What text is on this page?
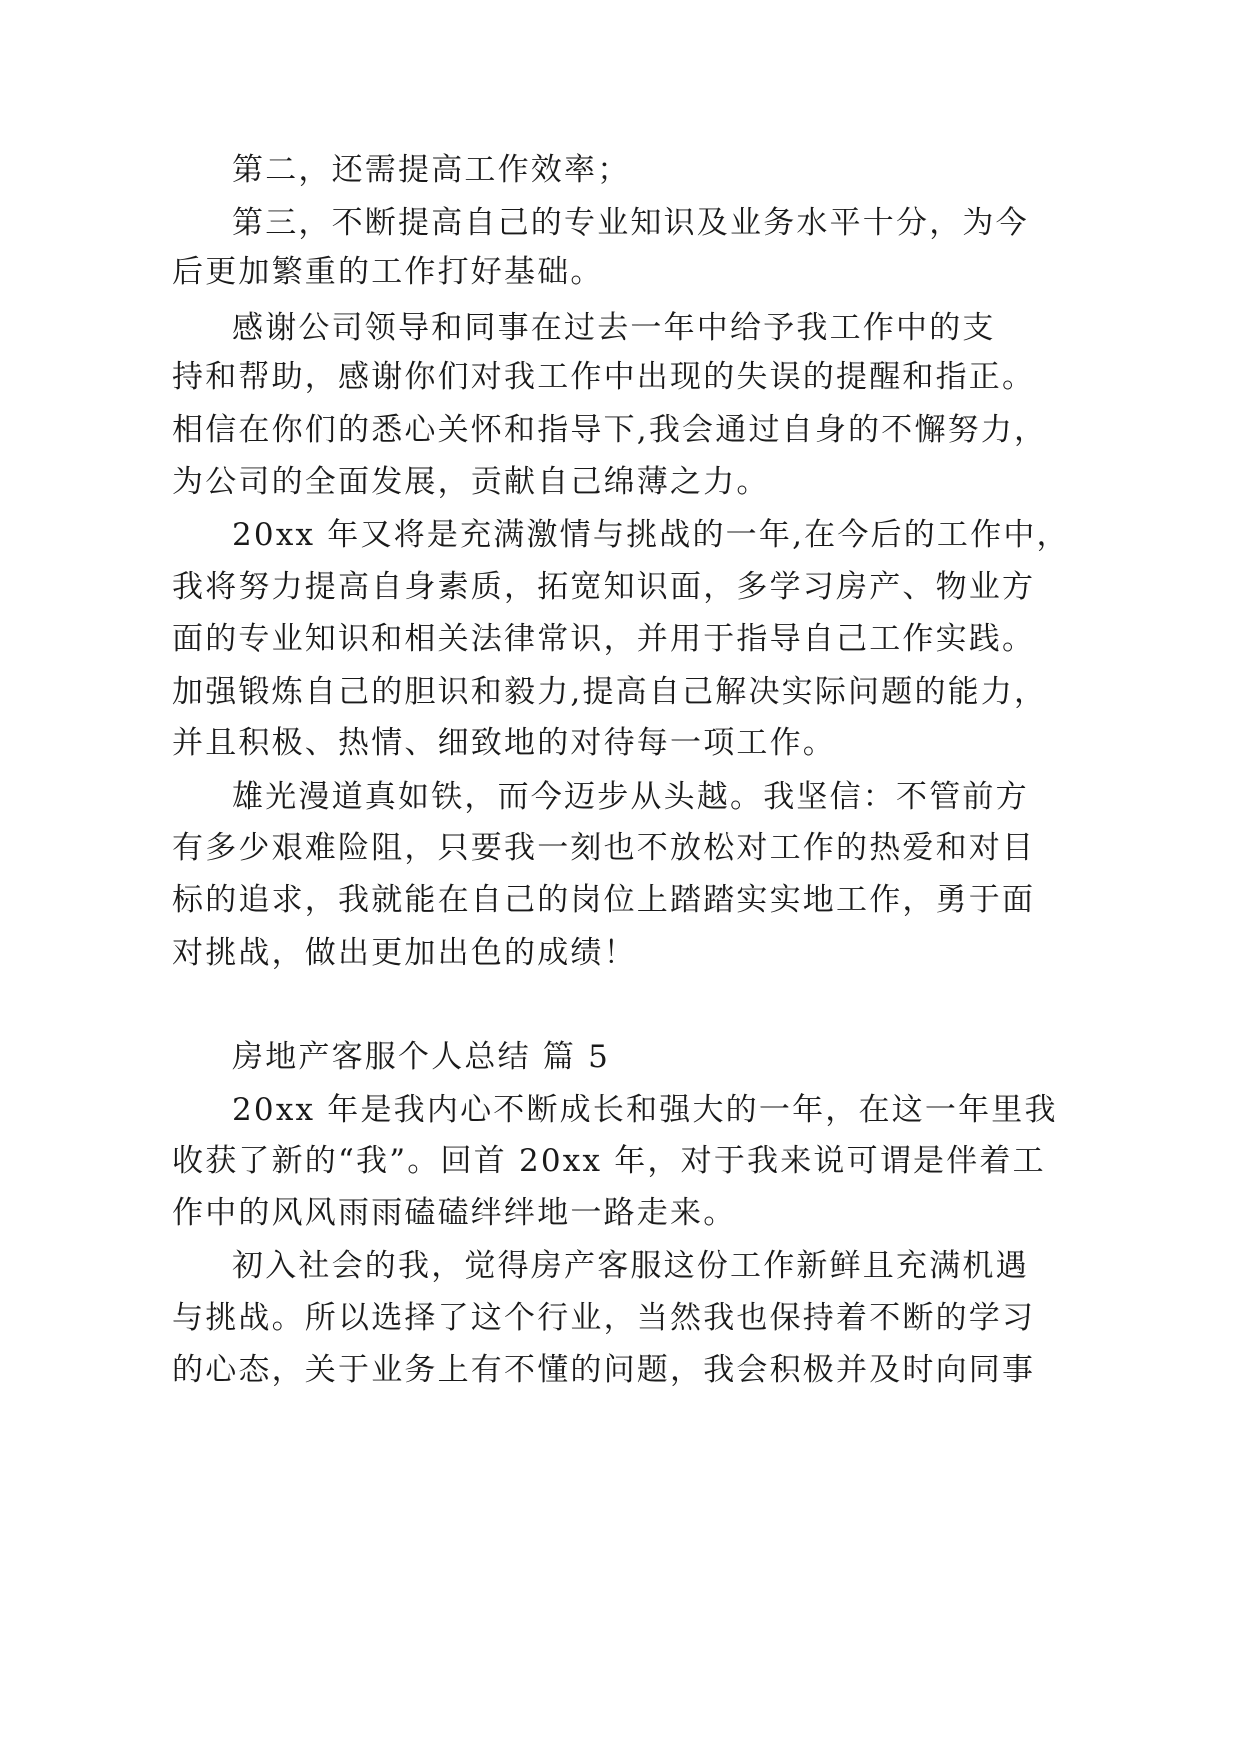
第二，还需提高工作效率；
第三，不断提高自己的专业知识及业务水平十分，为今
后更加繁重的工作打好基础。
感谢公司领导和同事在过去一年中给予我工作中的支
持和帮助，感谢你们对我工作中出现的失误的提醒和指正。
相信在你们的悉心关怀和指导下,我会通过自身的不懈努力，
为公司的全面发展，贡献自己绵薄之力。
20xx 年又将是充满激情与挑战的一年,在今后的工作中，
我将努力提高自身素质，拓宽知识面，多学习房产、物业方
面的专业知识和相关法律常识，并用于指导自己工作实践。
加强锻炼自己的胆识和毅力,提高自己解决实际问题的能力，
并且积极、热情、细致地的对待每一项工作。
雄光漫道真如铁，而今迈步从头越。我坚信：不管前方
有多少艰难险阻，只要我一刻也不放松对工作的热爱和对目
标的追求，我就能在自己的岗位上踏踏实实地工作，勇于面
对挑战，做出更加出色的成绩！
房地产客服个人总结 篇 5
20xx 年是我内心不断成长和强大的一年，在这一年里我
收获了新的“我”。回首 20xx 年，对于我来说可谓是伴着工
作中的风风雨雨磕磕绊绊地一路走来。
初入社会的我，觉得房产客服这份工作新鲜且充满机遇
与挑战。所以选择了这个行业，当然我也保持着不断的学习
的心态，关于业务上有不懂的问题，我会积极并及时向同事
